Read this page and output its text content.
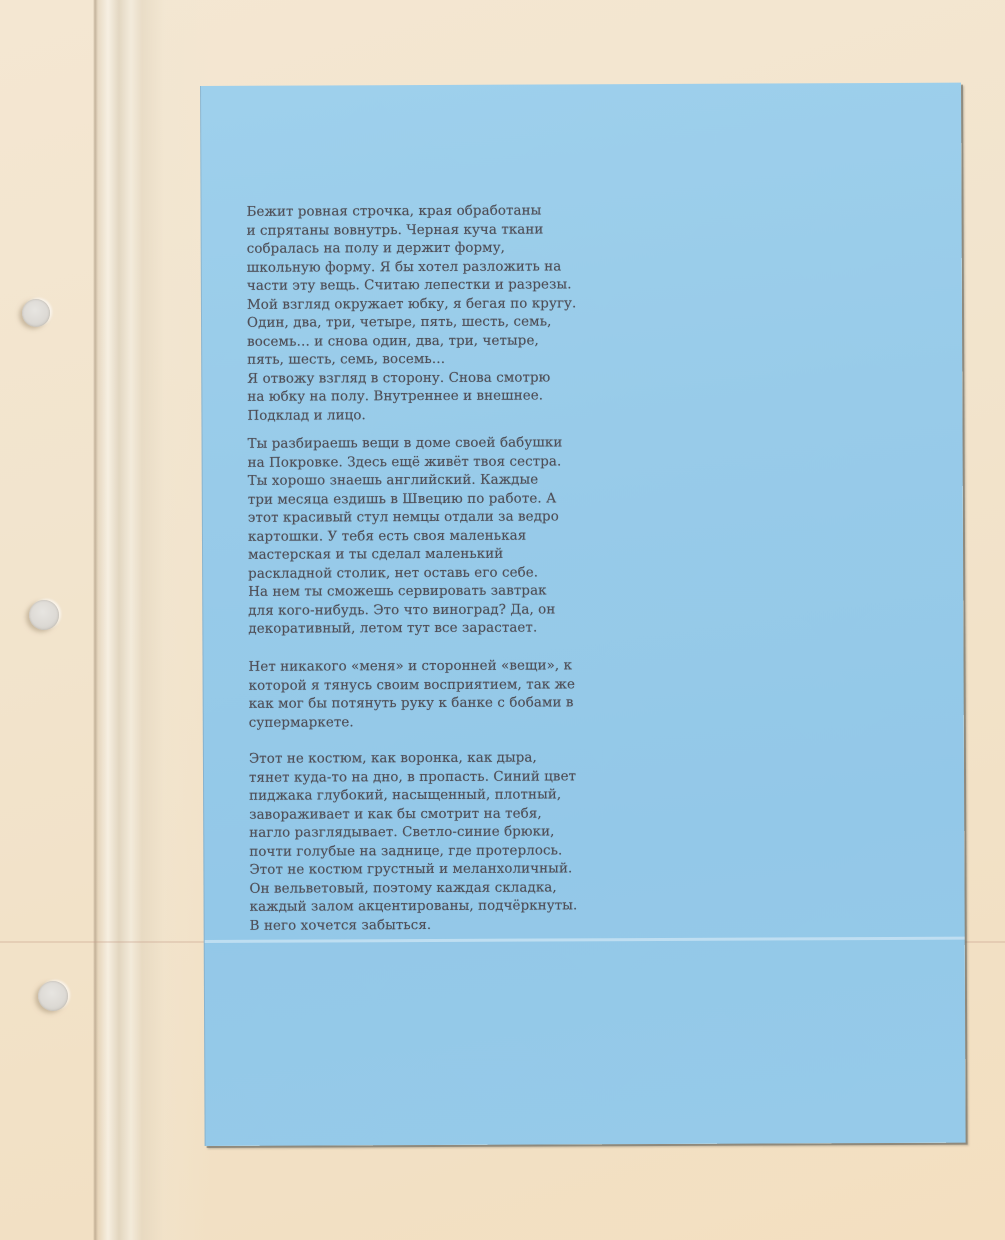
Бежит ровная строчка, края обработаны
и спрятаны вовнутрь. Черная куча ткани
собралась на полу и держит форму,
школьную форму. Я бы хотел разложить на
части эту вещь. Считаю лепестки и разрезы.
Мой взгляд окружает юбку, я бегая по кругу.
Один, два, три, четыре, пять, шесть, семь,
восемь… и снова один, два, три, четыре,
пять, шесть, семь, восемь…
Я отвожу взгляд в сторону. Снова смотрю
на юбку на полу. Внутреннее и внешнее.
Подклад и лицо.

Ты разбираешь вещи в доме своей бабушки
на Покровке. Здесь ещё живёт твоя сестра.
Ты хорошо знаешь английский. Каждые
три месяца ездишь в Швецию по работе. А
этот красивый стул немцы отдали за ведро
картошки. У тебя есть своя маленькая
мастерская и ты сделал маленький
раскладной столик, нет оставь его себе.
На нем ты сможешь сервировать завтрак
для кого-нибудь. Это что виноград? Да, он
декоративный, летом тут все зарастает.

Нет никакого «меня» и сторонней «вещи», к
которой я тянусь своим восприятием, так же
как мог бы потянуть руку к банке с бобами в
супермаркете.

Этот не костюм, как воронка, как дыра,
тянет куда-то на дно, в пропасть. Синий цвет
пиджака глубокий, насыщенный, плотный,
завораживает и как бы смотрит на тебя,
нагло разглядывает. Светло-синие брюки,
почти голубые на заднице, где протерлось.
Этот не костюм грустный и меланхоличный.
Он вельветовый, поэтому каждая складка,
каждый залом акцентированы, подчёркнуты.
В него хочется забыться.
